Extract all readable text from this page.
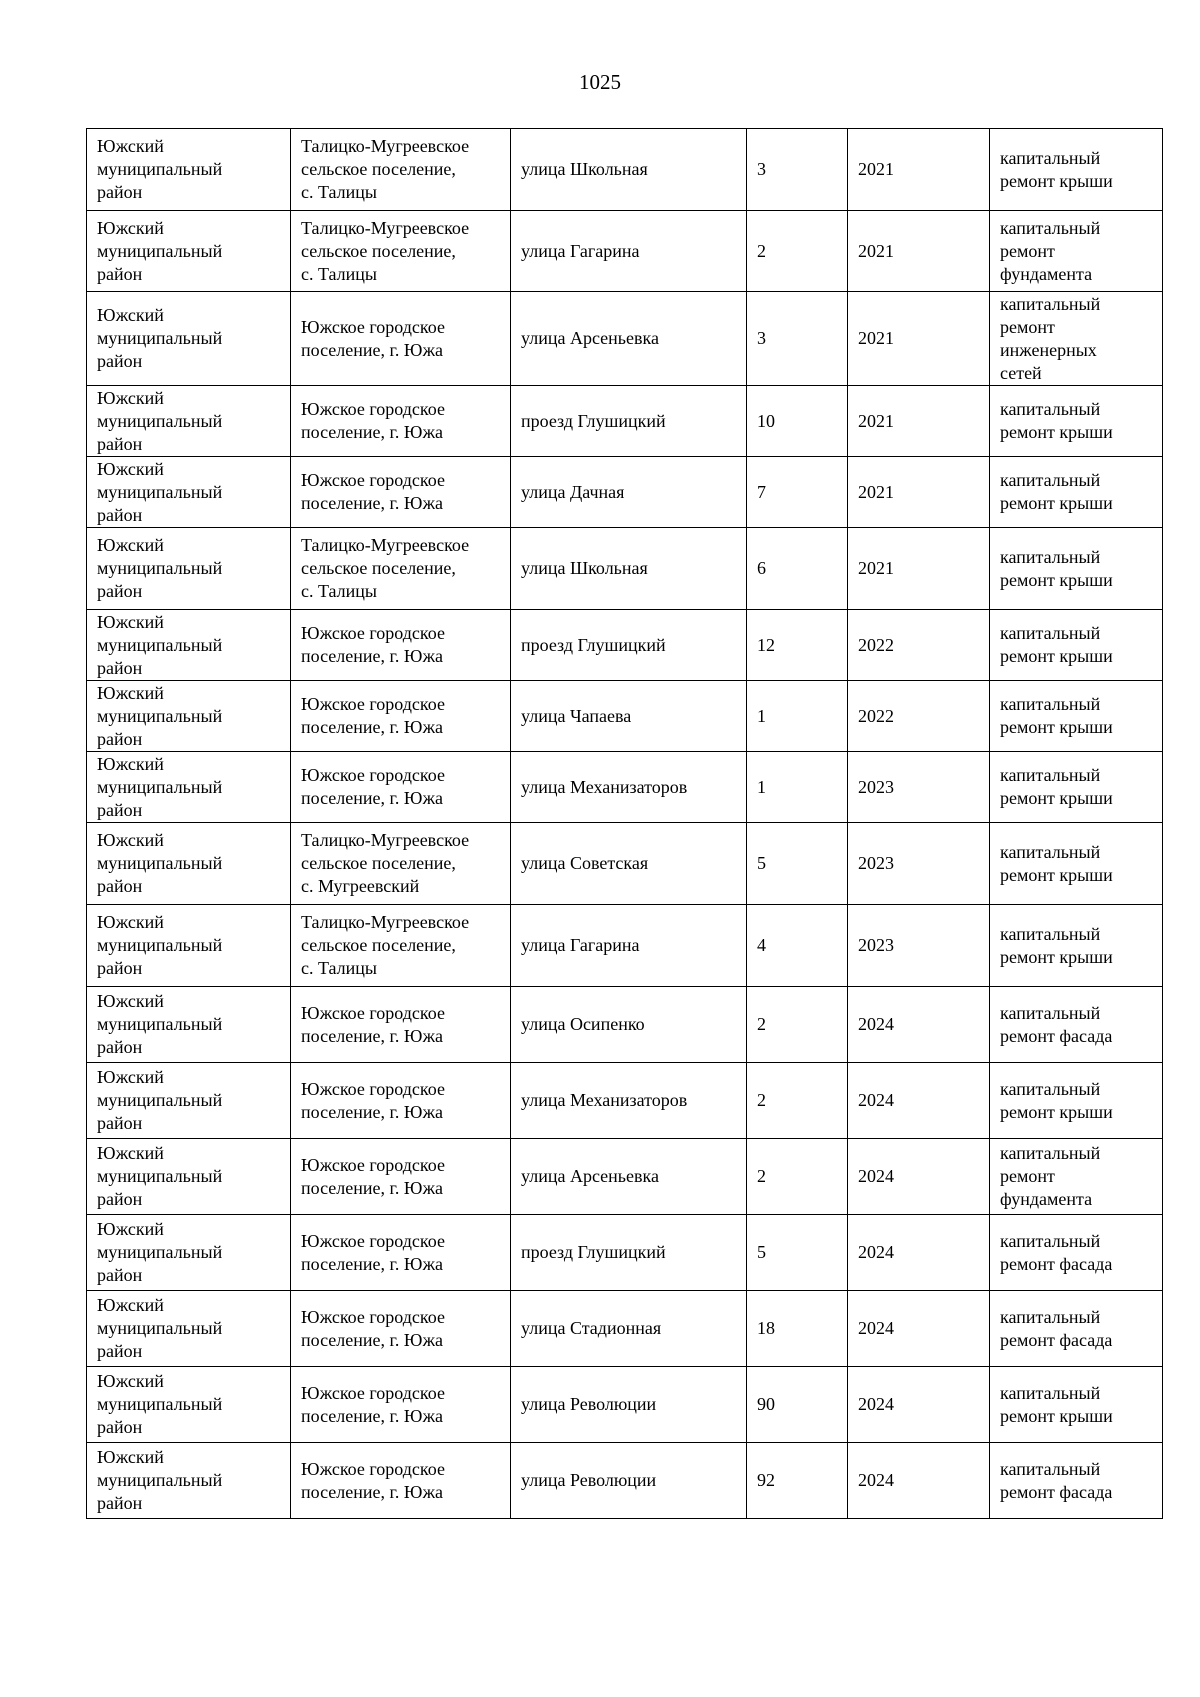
1025
Южский
муниципальный
район	Талицко-Мугреевское
сельское поселение,
с. Талицы	улица Школьная	3	2021	капитальный
ремонт крыши

Южский
муниципальный
район	Талицко-Мугреевское
сельское поселение,
с. Талицы	улица Гагарина	2	2021	капитальный
ремонт
фундамента

Южский
муниципальный
район	Южское городское
поселение, г. Южа	улица Арсеньевка	3	2021	капитальный
ремонт
инженерных
сетей

Южский
муниципальный
район	Южское городское
поселение, г. Южа	проезд Глушицкий	10	2021	капитальный
ремонт крыши

Южский
муниципальный
район	Южское городское
поселение, г. Южа	улица Дачная	7	2021	капитальный
ремонт крыши

Южский
муниципальный
район	Талицко-Мугреевское
сельское поселение,
с. Талицы	улица Школьная	6	2021	капитальный
ремонт крыши

Южский
муниципальный
район	Южское городское
поселение, г. Южа	проезд Глушицкий	12	2022	капитальный
ремонт крыши

Южский
муниципальный
район	Южское городское
поселение, г. Южа	улица Чапаева	1	2022	капитальный
ремонт крыши

Южский
муниципальный
район	Южское городское
поселение, г. Южа	улица Механизаторов	1	2023	капитальный
ремонт крыши

Южский
муниципальный
район	Талицко-Мугреевское
сельское поселение,
с. Мугреевский	улица Советская	5	2023	капитальный
ремонт крыши

Южский
муниципальный
район	Талицко-Мугреевское
сельское поселение,
с. Талицы	улица Гагарина	4	2023	капитальный
ремонт крыши

Южский
муниципальный
район	Южское городское
поселение, г. Южа	улица Осипенко	2	2024	капитальный
ремонт фасада

Южский
муниципальный
район	Южское городское
поселение, г. Южа	улица Механизаторов	2	2024	капитальный
ремонт крыши

Южский
муниципальный
район	Южское городское
поселение, г. Южа	улица Арсеньевка	2	2024	капитальный
ремонт
фундамента

Южский
муниципальный
район	Южское городское
поселение, г. Южа	проезд Глушицкий	5	2024	капитальный
ремонт фасада

Южский
муниципальный
район	Южское городское
поселение, г. Южа	улица Стадионная	18	2024	капитальный
ремонт фасада

Южский
муниципальный
район	Южское городское
поселение, г. Южа	улица Революции	90	2024	капитальный
ремонт крыши

Южский
муниципальный
район	Южское городское
поселение, г. Южа	улица Революции	92	2024	капитальный
ремонт фасада
